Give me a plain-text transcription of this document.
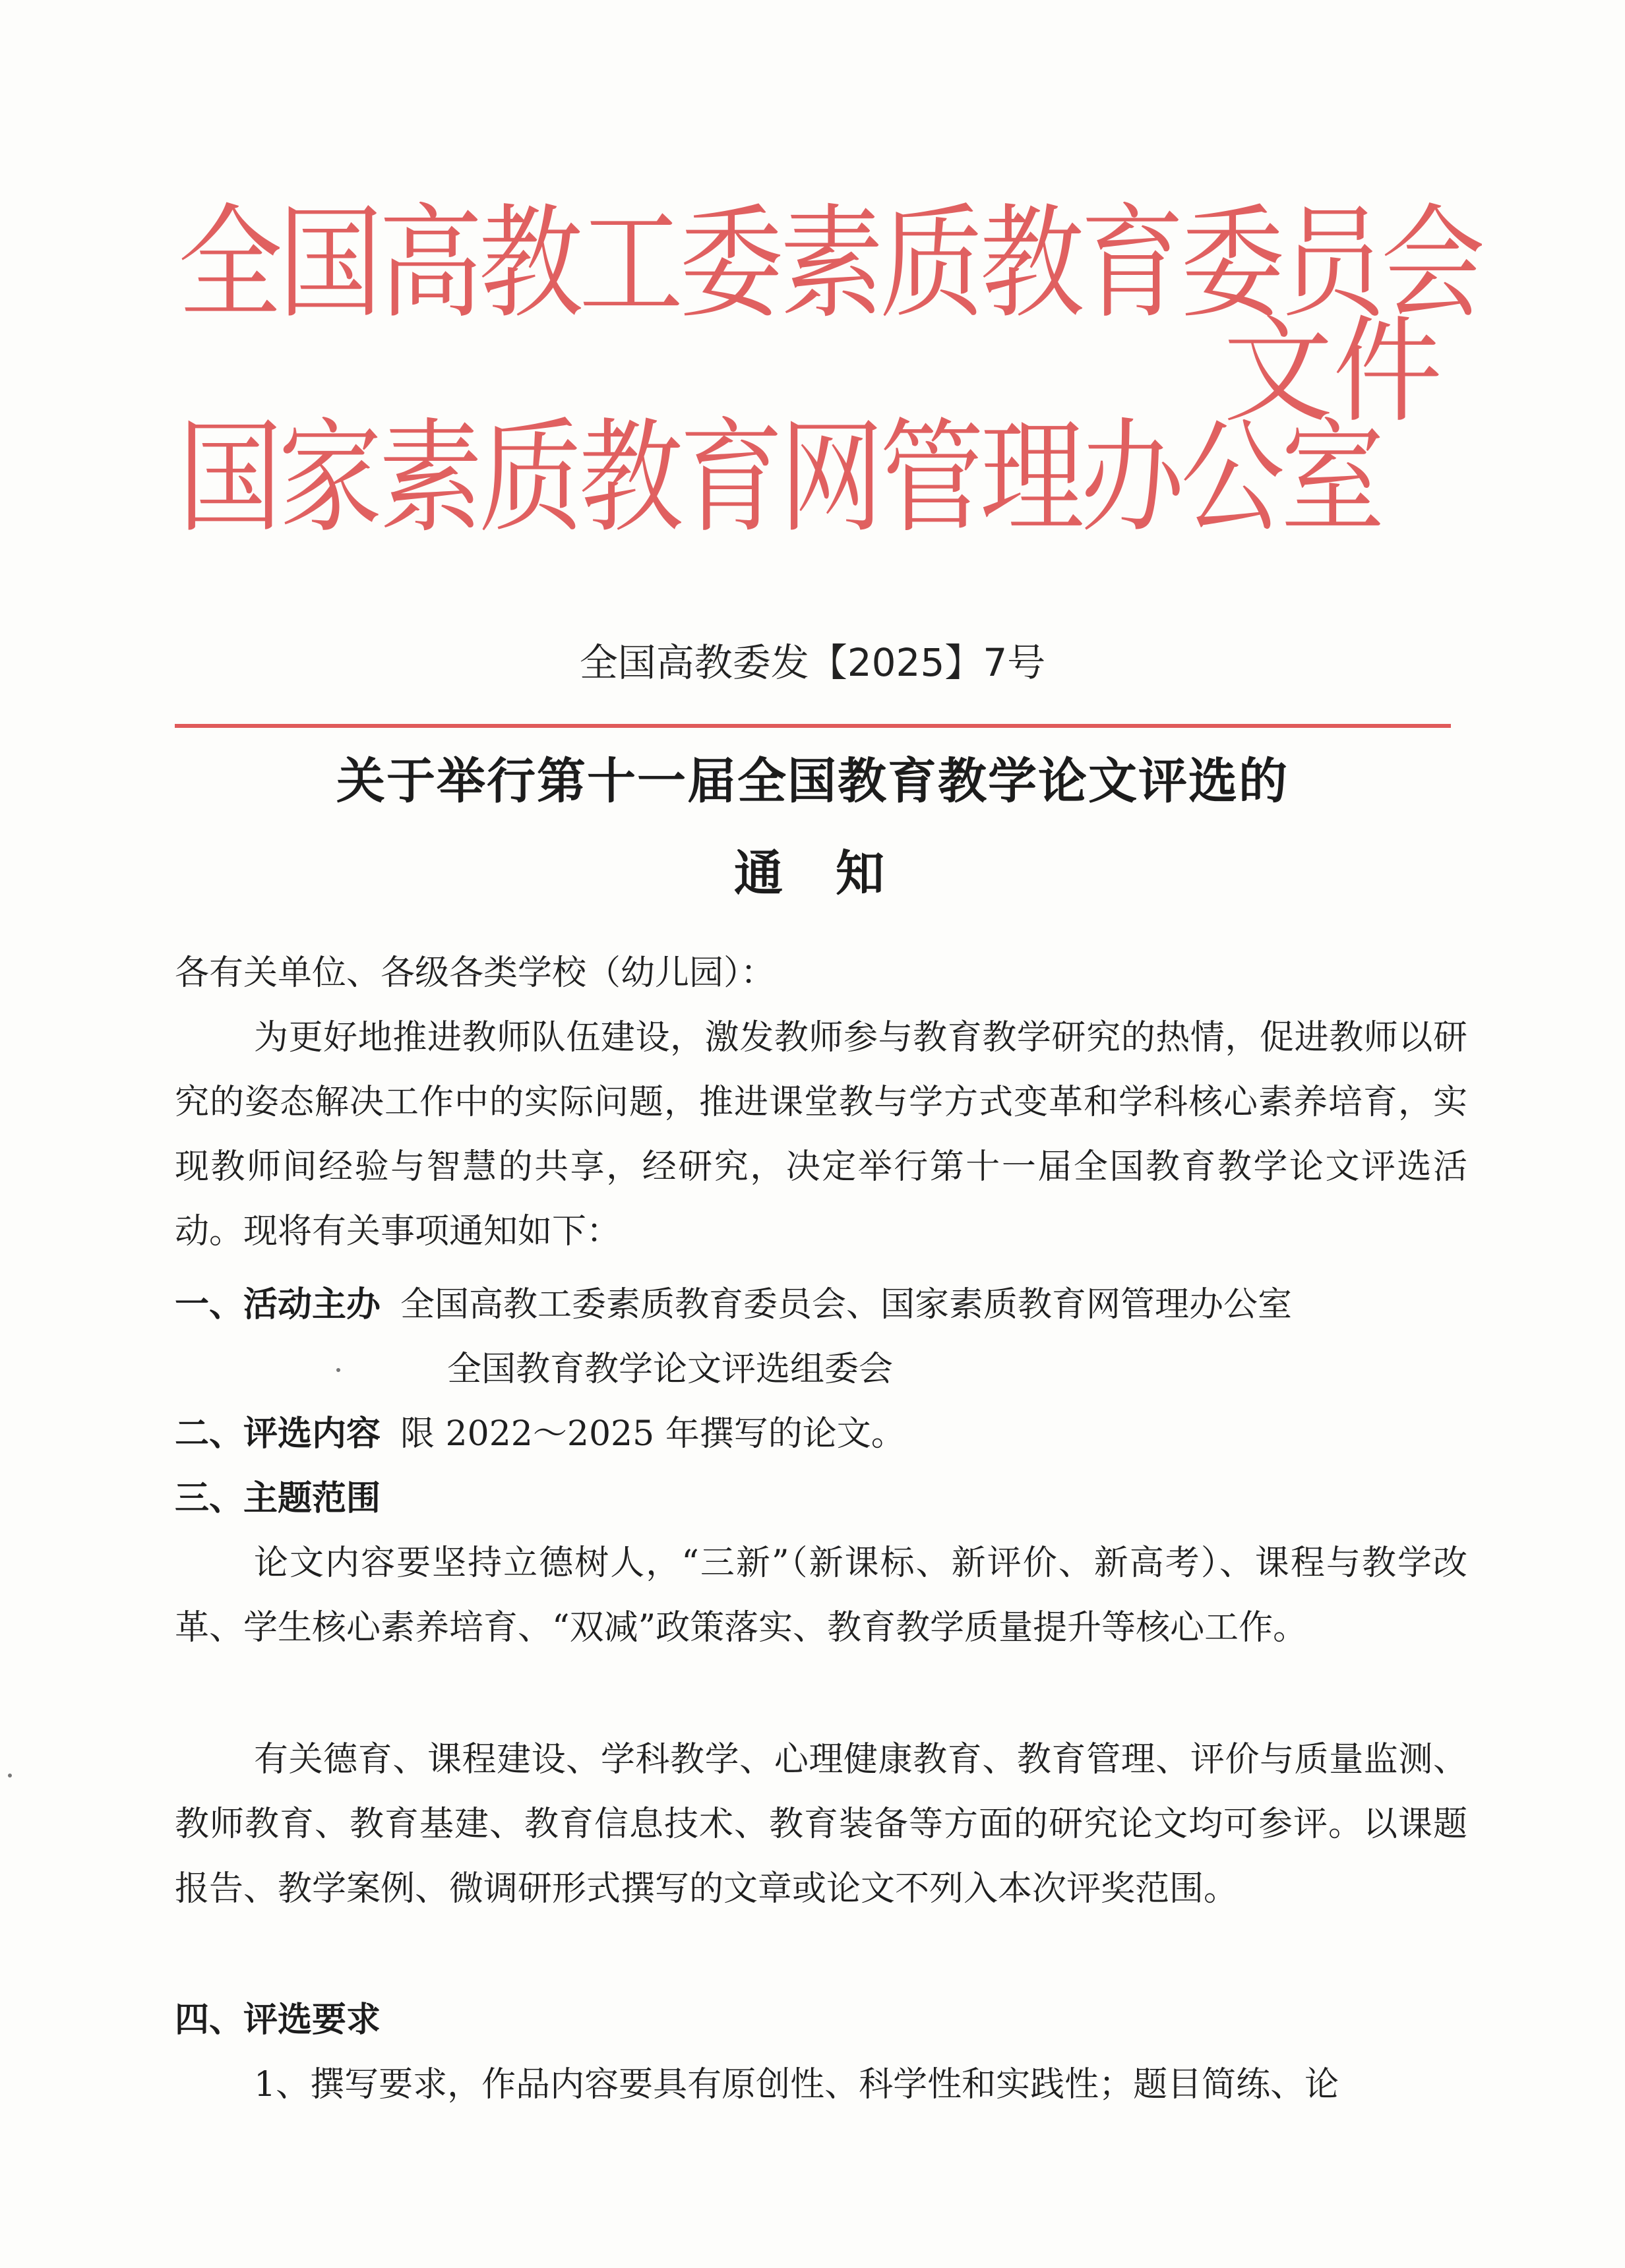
全国高教工委素质教育委员会
国家素质教育网管理办公室
文件
全国高教委发【2025】7号
关于举行第十一届全国教育教学论文评选的
通知
各有关单位、各级各类学校（幼儿园）：
为更好地推进教师队伍建设，激发教师参与教育教学研究的热情，促进教师以研究的姿态解决工作中的实际问题，推进课堂教与学方式变革和学科核心素养培育，实现教师间经验与智慧的共享，经研究，决定举行第十一届全国教育教学论文评选活动。现将有关事项通知如下：
一、活动主办 全国高教工委素质教育委员会、国家素质教育网管理办公室
全国教育教学论文评选组委会
二、评选内容 限 2022～2025 年撰写的论文。
三、主题范围
论文内容要坚持立德树人，“三新”（新课标、新评价、新高考）、课程与教学改革、学生核心素养培育、“双减”政策落实、教育教学质量提升等核心工作。
有关德育、课程建设、学科教学、心理健康教育、教育管理、评价与质量监测、教师教育、教育基建、教育信息技术、教育装备等方面的研究论文均可参评。以课题报告、教学案例、微调研形式撰写的文章或论文不列入本次评奖范围。
四、评选要求
1、撰写要求，作品内容要具有原创性、科学性和实践性；题目简练、论
